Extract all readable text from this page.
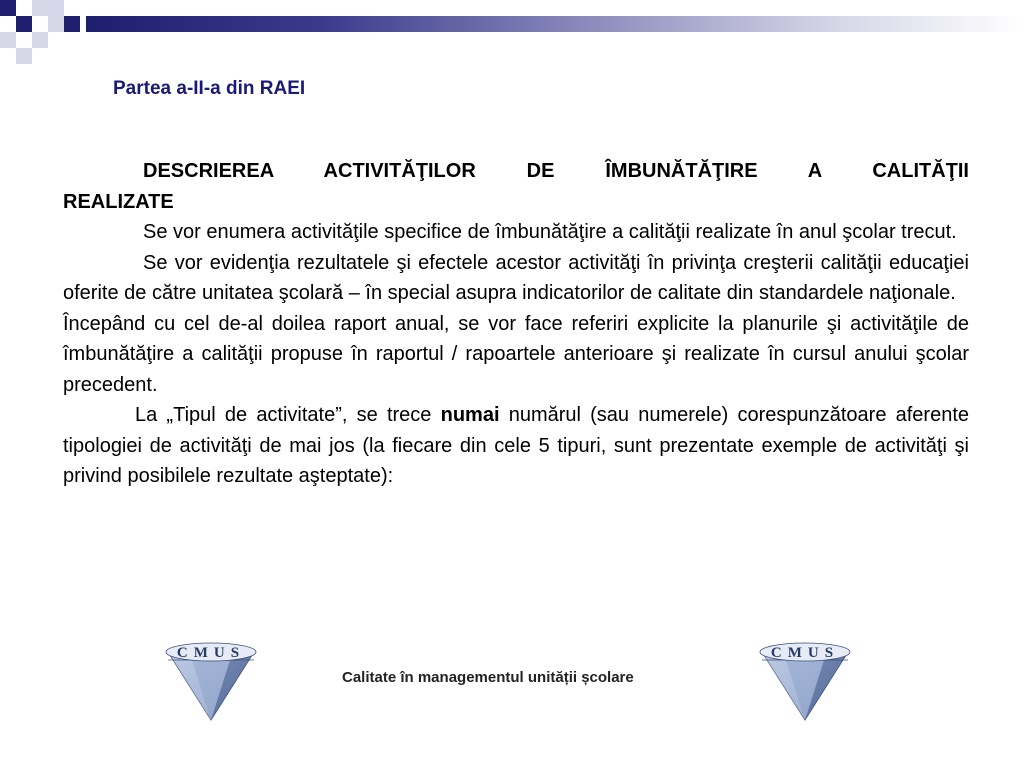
Partea a-II-a din RAEI

DESCRIEREA ACTIVITĂŢILOR DE ÎMBUNĂTĂŢIRE A CALITĂŢII

REALIZATE

Se vor enumera activităţile specifice de îmbunătăţire a calităţii realizate în anul şcolar trecut.

Se vor evidenţia rezultatele şi efectele acestor activităţi în privinţa creşterii calităţii educaţiei oferite de către unitatea şcolară – în special asupra indicatorilor de calitate din standardele naţionale.

Începând cu cel de-al doilea raport anual, se vor face referiri explicite la planurile şi activităţile de îmbunătăţire a calităţii propuse în raportul / rapoartele anterioare şi realizate în cursul anului şcolar precedent.

La „Tipul de activitate”, se trece numai numărul (sau numerele) corespunzătoare aferente tipologiei de activităţi de mai jos (la fiecare din cele 5 tipuri, sunt prezentate exemple de activităţi şi privind posibilele rezultate aşteptate):

CMUS
Calitate în managementul unității școlare
CMUS
